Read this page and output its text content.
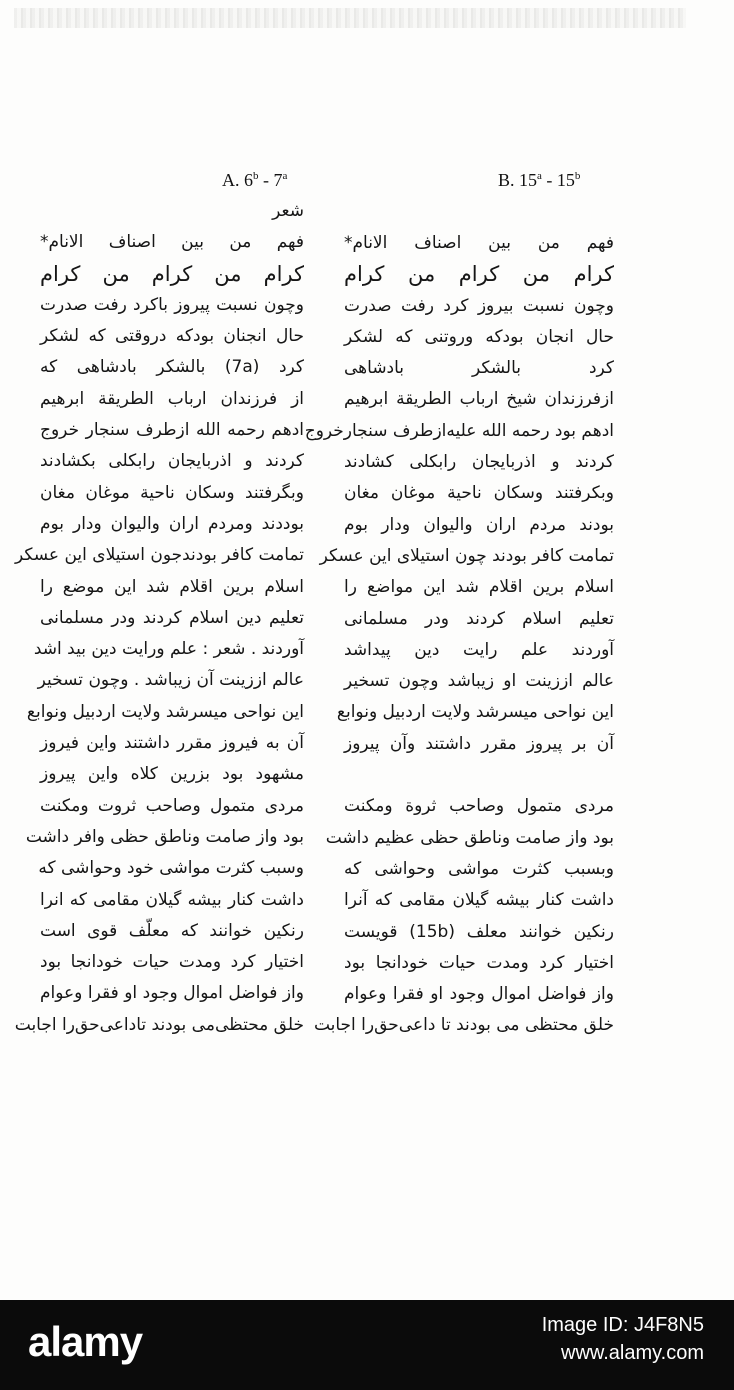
A. 6$^b$ - 7$^a$	B. 15$^a$ - 15$^b$
شعر
فهم من بين اصناف الانام*
كرام من كرام من كرام
وچون نسبت پیروز باكرد رفت صدرت
حال انجنان بودکه دروقتی که لشکر
کرد (7a) بالشکر بادشاهی که
از فرزندان ارباب الطريقة ابرهيم
ادهم رحمه الله ازطرف سنجار خروج
کردند و اذربایجان رابکلی بکشادند
وبگرفتند وسکان ناحیة موغان مغان
بوددند ومردم اران والیوان ودار بوم
تمامت كافر بودندجون استيلاى اين عسكر
اسلام برين اقلام شد اين موضع را
تعليم دين اسلام كردند ودر مسلمانى
آوردند . شعر : علم ورايت دين بيد اشد
عالم اززينت آن زيباشد . وچون تسخير
اين نواحی میسرشد ولايت اردبيل ونوابع
آن به فیروز مقرر داشتند واين فيروز
مشهود بود بزرين كلاه واين پيروز
مردی متمول وصاحب ثروت ومكنت
بود واز صامت وناطق حظی وافر داشت
وسبب كثرت مواشی خود وحواشی که
داشت كنار بيشه گيلان مقامی که انرا
رنكين خوانند كه معلّف قوى است
اختیار کرد ومدت حيات خودانجا بود
واز فواضل اموال وجود او فقرا وعوام
خلق محتظی‌می بودند تاداعی‌حق‌را اجابت
فهم من بين اصناف الانام*
كرام من كرام من كرام
وچون نسبت بیروز کرد رفت صدرت
حال انجان بودکه وروتنی که لشکر
کرد بالشکر بادشاهی
ازفرزندان شيخ ارباب الطريقة ابرهيم
ادهم بود رحمه الله عليه‌ازطرف سنجارخروج
کردند و اذربایجان رابکلی کشادند
وبكرفتند وسكان ناحية موغان مغان
بودند مردم اران والیوان ودار بوم
تمامت كافر بودند چون استیلای این عسکر
اسلام برين اقلام شد اين مواضع را
تعليم اسلام كردند ودر مسلمانی
آوردند علم رايت دين پيداشد
عالم اززينت او زيباشد وچون تسخير
اين نواحی میسرشد ولايت اردبيل ونوابع
آن بر پیروز مقرر داشتند وآن پیروز
مردی متمول وصاحب ثروة ومکنت
بود واز صامت وناطق حظی عظیم داشت
وبسبب كثرت مواشی وحواشی که
داشت كنار بیشه گیلان مقامی که آنرا
رنكين خوانند معلف (15b) قويست
اختيار كرد ومدت حيات خودانجا بود
واز فواضل اموال وجود او فقرا وعوام
خلق محتظى می بودند تا داعی‌حق‌را اجابت
alamy	Image ID: J4F8N5
www.alamy.com
